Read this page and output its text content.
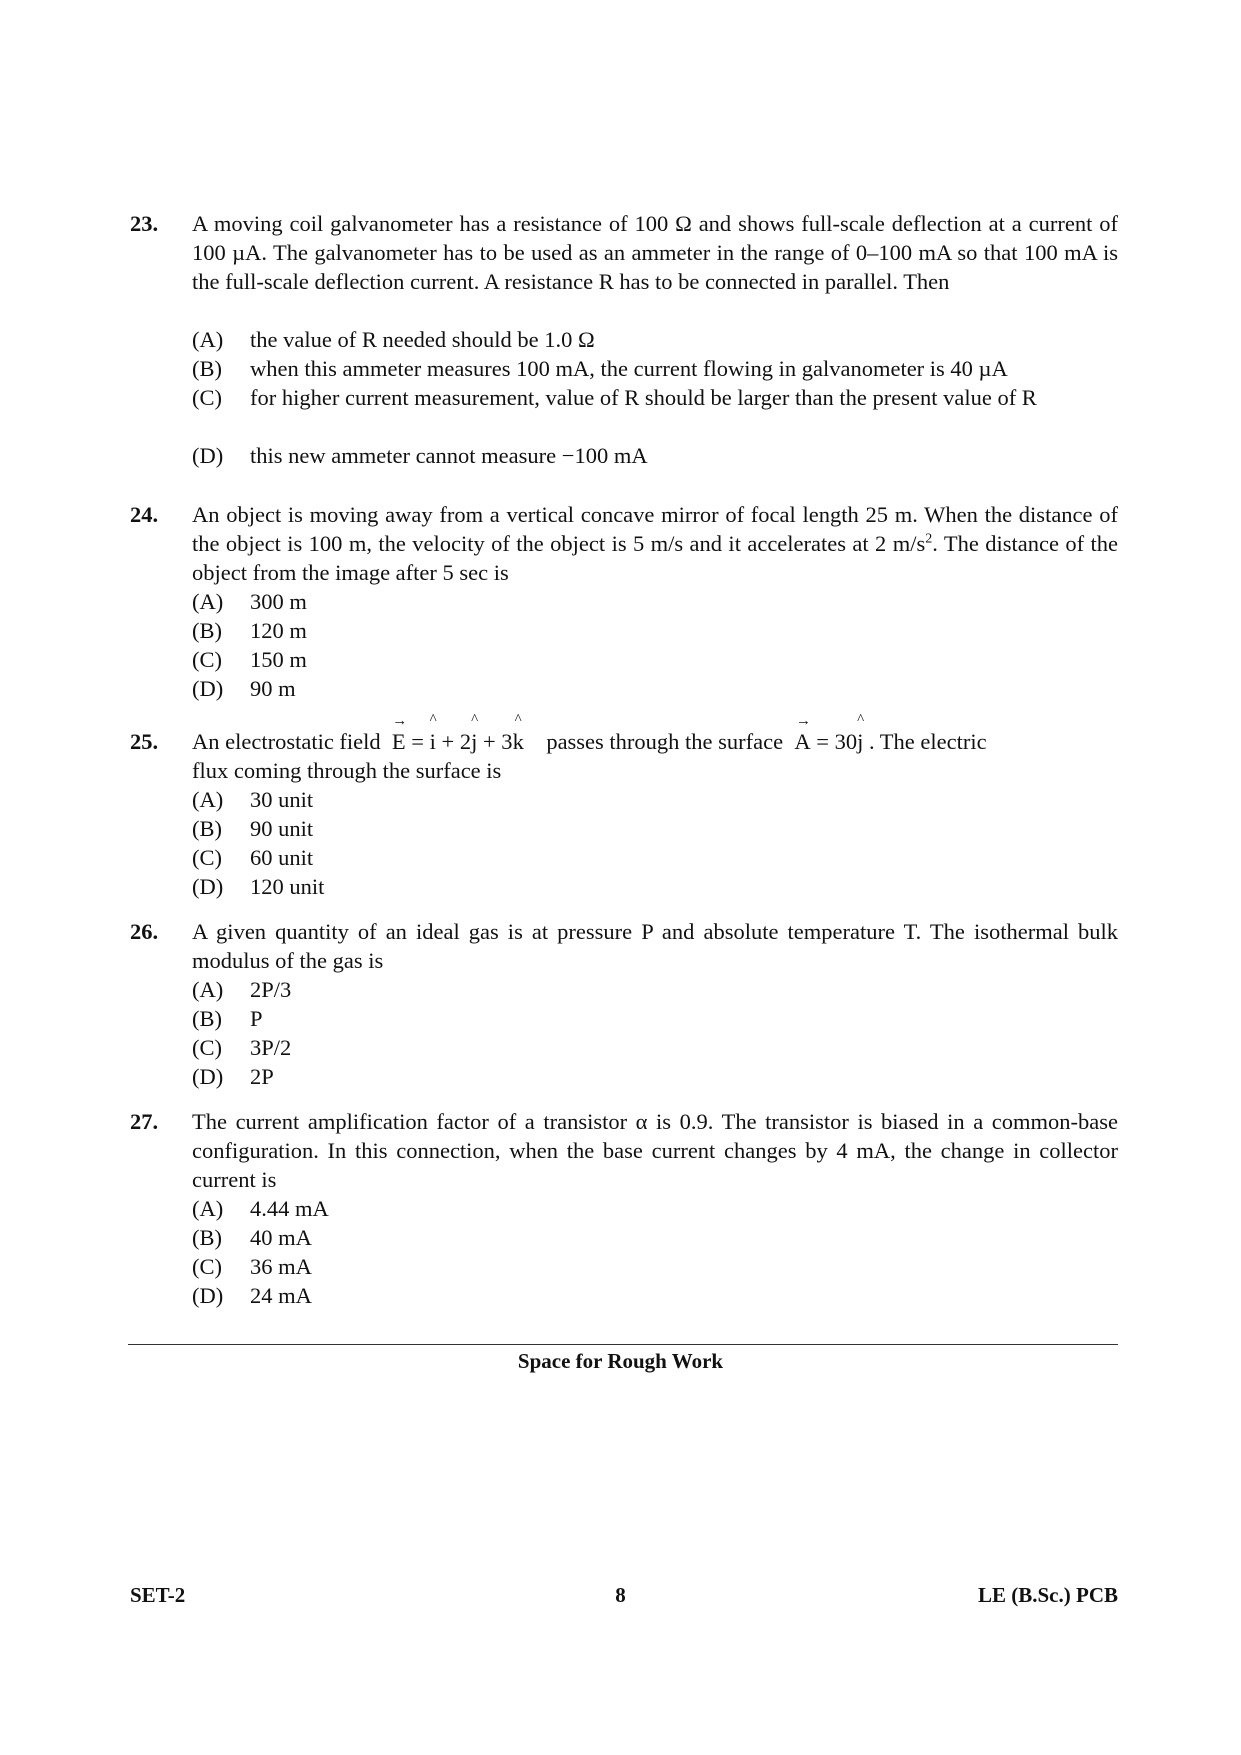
23. A moving coil galvanometer has a resistance of 100 Ω and shows full-scale deflection at a current of 100 µA. The galvanometer has to be used as an ammeter in the range of 0–100 mA so that 100 mA is the full-scale deflection current. A resistance R has to be connected in parallel. Then
(A)	the value of R needed should be 1.0 Ω
(B)	when this ammeter measures 100 mA, the current flowing in galvanometer is 40 µA
(C)	for higher current measurement, value of R should be larger than the present value of R
(D)	this new ammeter cannot measure −100 mA
24. An object is moving away from a vertical concave mirror of focal length 25 m. When the distance of the object is 100 m, the velocity of the object is 5 m/s and it accelerates at 2 $m/s^2$. The distance of the object from the image after 5 sec is
(A)	300 m
(B)	120 m
(C)	150 m
(D)	90 m
25. An electrostatic field
→
E =
^
i + 2
^
j + 3
^
k passes through the surface
→
A = 30
^
j . The electric
flux coming through the surface is
(A)	30 unit
(B)	90 unit
(C)	60 unit
(D)	120 unit
26. A given quantity of an ideal gas is at pressure P and absolute temperature T. The isothermal bulk modulus of the gas is
(A)	2P/3
(B)	P
(C)	3P/2
(D)	2P
27. The current amplification factor of a transistor α is 0.9. The transistor is biased in a common-base configuration. In this connection, when the base current changes by 4 mA, the change in collector current is
(A)	4.44 mA
(B)	40 mA
(C)	36 mA
(D)	24 mA
Space for Rough Work
SET-2	8	LE (B.Sc.) PCB
